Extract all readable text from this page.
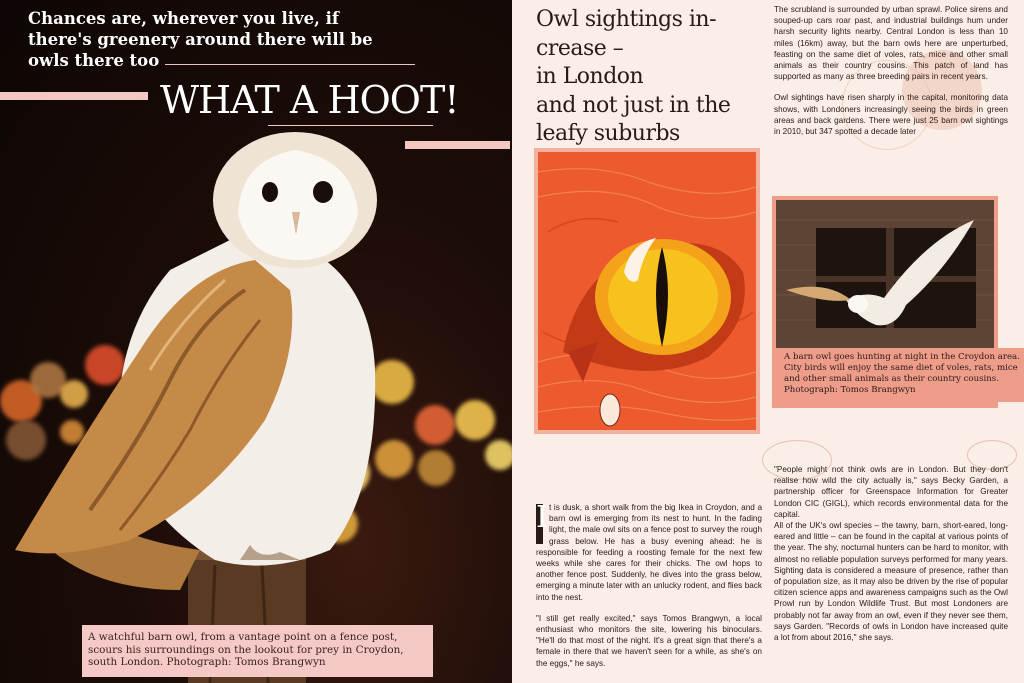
Chances are, wherever you live, if there's greenery around there will be owls there too
WHAT A HOOT!
A watchful barn owl, from a vantage point on a fence post, scours his surroundings on the lookout for prey in Croydon, south London. Photograph: Tomos Brangwyn
Owl sightings in-
crease –
in London
and not just in the
leafy suburbs

The scrubland is surrounded by urban sprawl. Police sirens and souped-up cars roar past, and industrial buildings hum under harsh security lights nearby. Central London is less than 10 miles (16km) away, but the barn owls here are unperturbed, feasting on the same diet of voles, rats, mice and other small animals as their country cousins. This patch of land has supported as many as three breeding pairs in recent years.

Owl sightings have risen sharply in the capital, monitoring data shows, with Londoners increasingly seeing the birds in green areas and back gardens. There were just 25 barn owl sightings in 2010, but 347 spotted a decade later

A barn owl goes hunting at night in the Croydon area. City birds will enjoy the same diet of voles, rats, mice and other small animals as their country cousins. Photograph: Tomos Brangwyn

I t is dusk, a short walk from the big Ikea in Croydon, and a barn owl is emerging from its nest to hunt. In the fading light, the male owl sits on a fence post to survey the rough grass below. He has a busy evening ahead: he is responsible for feeding a roosting female for the next few weeks while she cares for their chicks. The owl hops to another fence post. Suddenly, he dives into the grass below, emerging a minute later with an unlucky rodent, and flies back into the nest.

"I still get really excited," says Tomos Brangwyn, a local enthusiast who monitors the site, lowering his binoculars. "He'll do that most of the night. It's a great sign that there's a female in there that we haven't seen for a while, as she's on the eggs," he says.

"People might not think owls are in London. But they don't realise how wild the city actually is," says Becky Garden, a partnership officer for Greenspace Information for Greater London CIC (GIGL), which records environmental data for the capital.

All of the UK's owl species – the tawny, barn, short-eared, long-eared and little – can be found in the capital at various points of the year. The shy, nocturnal hunters can be hard to monitor, with almost no reliable population surveys performed for many years. Sighting data is considered a measure of presence, rather than of population size, as it may also be driven by the rise of popular citizen science apps and awareness campaigns such as the Owl Prowl run by London Wildlife Trust. But most Londoners are probably not far away from an owl, even if they never see them, says Garden. "Records of owls in London have increased quite a lot from about 2016," she says.
